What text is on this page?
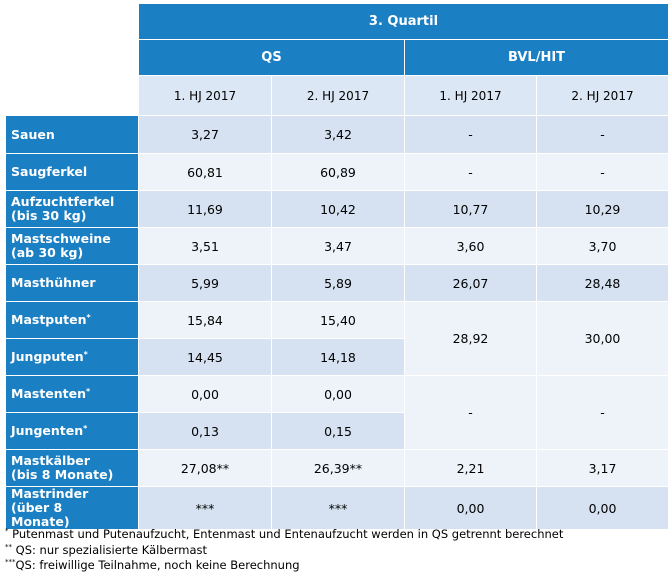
	3. Quartil			
	QS		BVL/HIT	
	1. HJ 2017	2. HJ 2017	1. HJ 2017	2. HJ 2017
Sauen	3,27	3,42	-	-
Saugferkel	60,81	60,89	-	-
Aufzuchtferkel
(bis 30 kg)	11,69	10,42	10,77	10,29
Mastschweine
(ab 30 kg)	3,51	3,47	3,60	3,70
Masthühner	5,99	5,89	26,07	28,48
Mastputen*	15,84	15,40	28,92	30,00
Jungputen*	14,45	14,18		
Mastenten*	0,00	0,00	-	-
Jungenten*	0,13	0,15		
Mastkälber
(bis 8 Monate)	27,08**	26,39**	2,21	3,17
Mastrinder
(über 8
Monate)	***	***	0,00	0,00
* Putenmast und Putenaufzucht, Entenmast und Entenaufzucht werden in QS getrennt berechnet
** QS: nur spezialisierte Kälbermast
***QS: freiwillige Teilnahme, noch keine Berechnung
